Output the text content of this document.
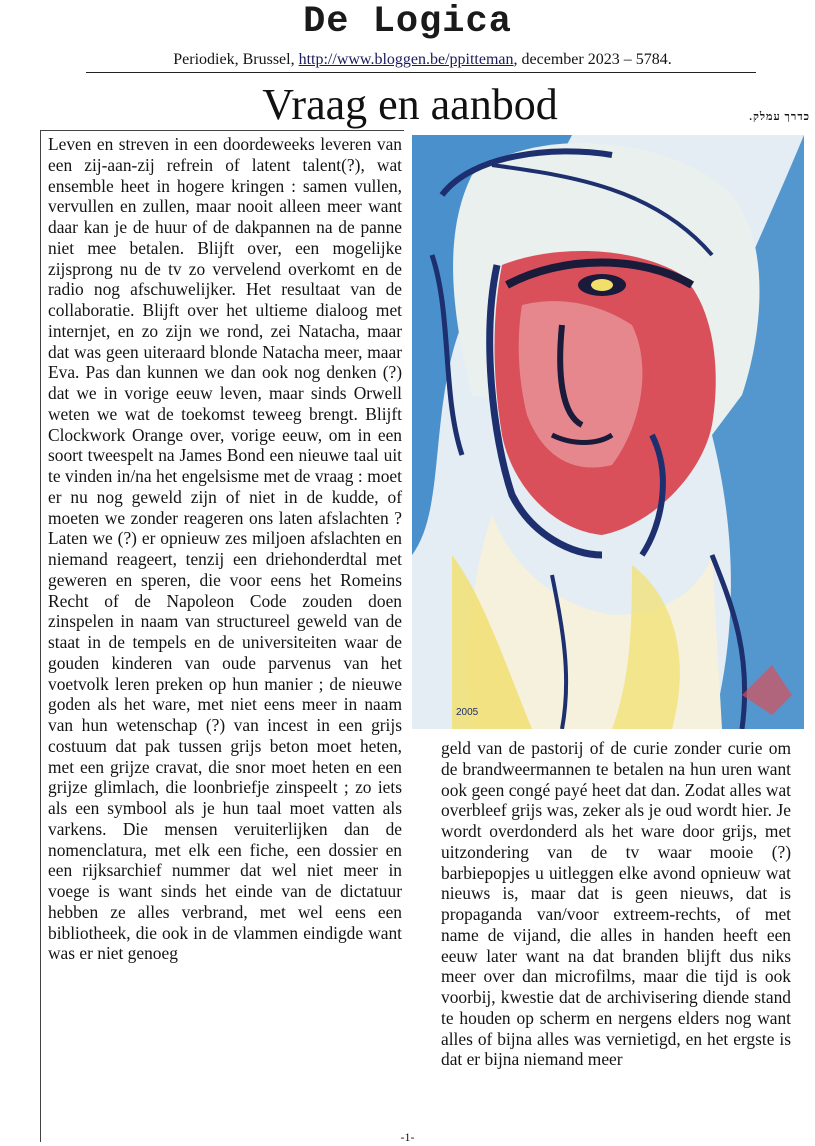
De Logica
Periodiek, Brussel, http://www.bloggen.be/ppitteman, december 2023 – 5784.
Vraag en aanbod	כדרך עמלק.
Leven en streven in een doordeweeks leveren van een zij-aan-zij refrein of latent talent(?), wat ensemble heet in hogere kringen : samen vullen, vervullen en zullen, maar nooit alleen meer want daar kan je de huur of de dakpannen na de panne niet mee betalen. Blijft over, een mogelijke zijsprong nu de tv zo vervelend overkomt en de radio nog afschuwelijker. Het resultaat van de collaboratie. Blijft over het ultieme dialoog met internjet, en zo zijn we rond, zei Natacha, maar dat was geen uiteraard blonde Natacha meer, maar Eva. Pas dan kunnen we dan ook nog denken (?) dat we in vorige eeuw leven, maar sinds Orwell weten we wat de toekomst teweeg brengt. Blijft Clockwork Orange over, vorige eeuw, om in een soort tweespelt na James Bond een nieuwe taal uit te vinden in/na het engelsisme met de vraag : moet er nu nog geweld zijn of niet in de kudde, of moeten we zonder reageren ons laten afslachten ? Laten we (?) er opnieuw zes miljoen afslachten en niemand reageert, tenzij een driehonderdtal met geweren en speren, die voor eens het Romeins Recht of de Napoleon Code zouden doen zinspelen in naam van structureel geweld van de staat in de tempels en de universiteiten waar de gouden kinderen van oude parvenus van het voetvolk leren preken op hun manier ; de nieuwe goden als het ware, met niet eens meer in naam van hun wetenschap (?) van incest in een grijs costuum dat pak tussen grijs beton moet heten, met een grijze cravat, die snor moet heten en een grijze glimlach, die loonbriefje zinspeelt ; zo iets als een symbool als je hun taal moet vatten als varkens. Die mensen veruiterlijken dan de nomenclatura, met elk een fiche, een dossier en een rijksarchief nummer dat wel niet meer in voege is want sinds het einde van de dictatuur hebben ze alles verbrand, met wel eens een bibliotheek, die ook in de vlammen eindigde want was er niet genoeg
2005
geld van de pastorij of de curie zonder curie om de brandweermannen te betalen na hun uren want ook geen congé payé heet dat dan. Zodat alles wat overbleef grijs was, zeker als je oud wordt hier. Je wordt overdonderd als het ware door grijs, met uitzondering van de tv waar mooie (?) barbiepopjes u uitleggen elke avond opnieuw wat nieuws is, maar dat is geen nieuws, dat is propaganda van/voor extreem-rechts, of met name de vijand, die alles in handen heeft een eeuw later want na dat branden blijft dus niks meer over dan microfilms, maar die tijd is ook voorbij, kwestie dat de archivisering diende stand te houden op scherm en nergens elders nog want alles of bijna alles was vernietigd, en het ergste is dat er bijna niemand meer
-1-
